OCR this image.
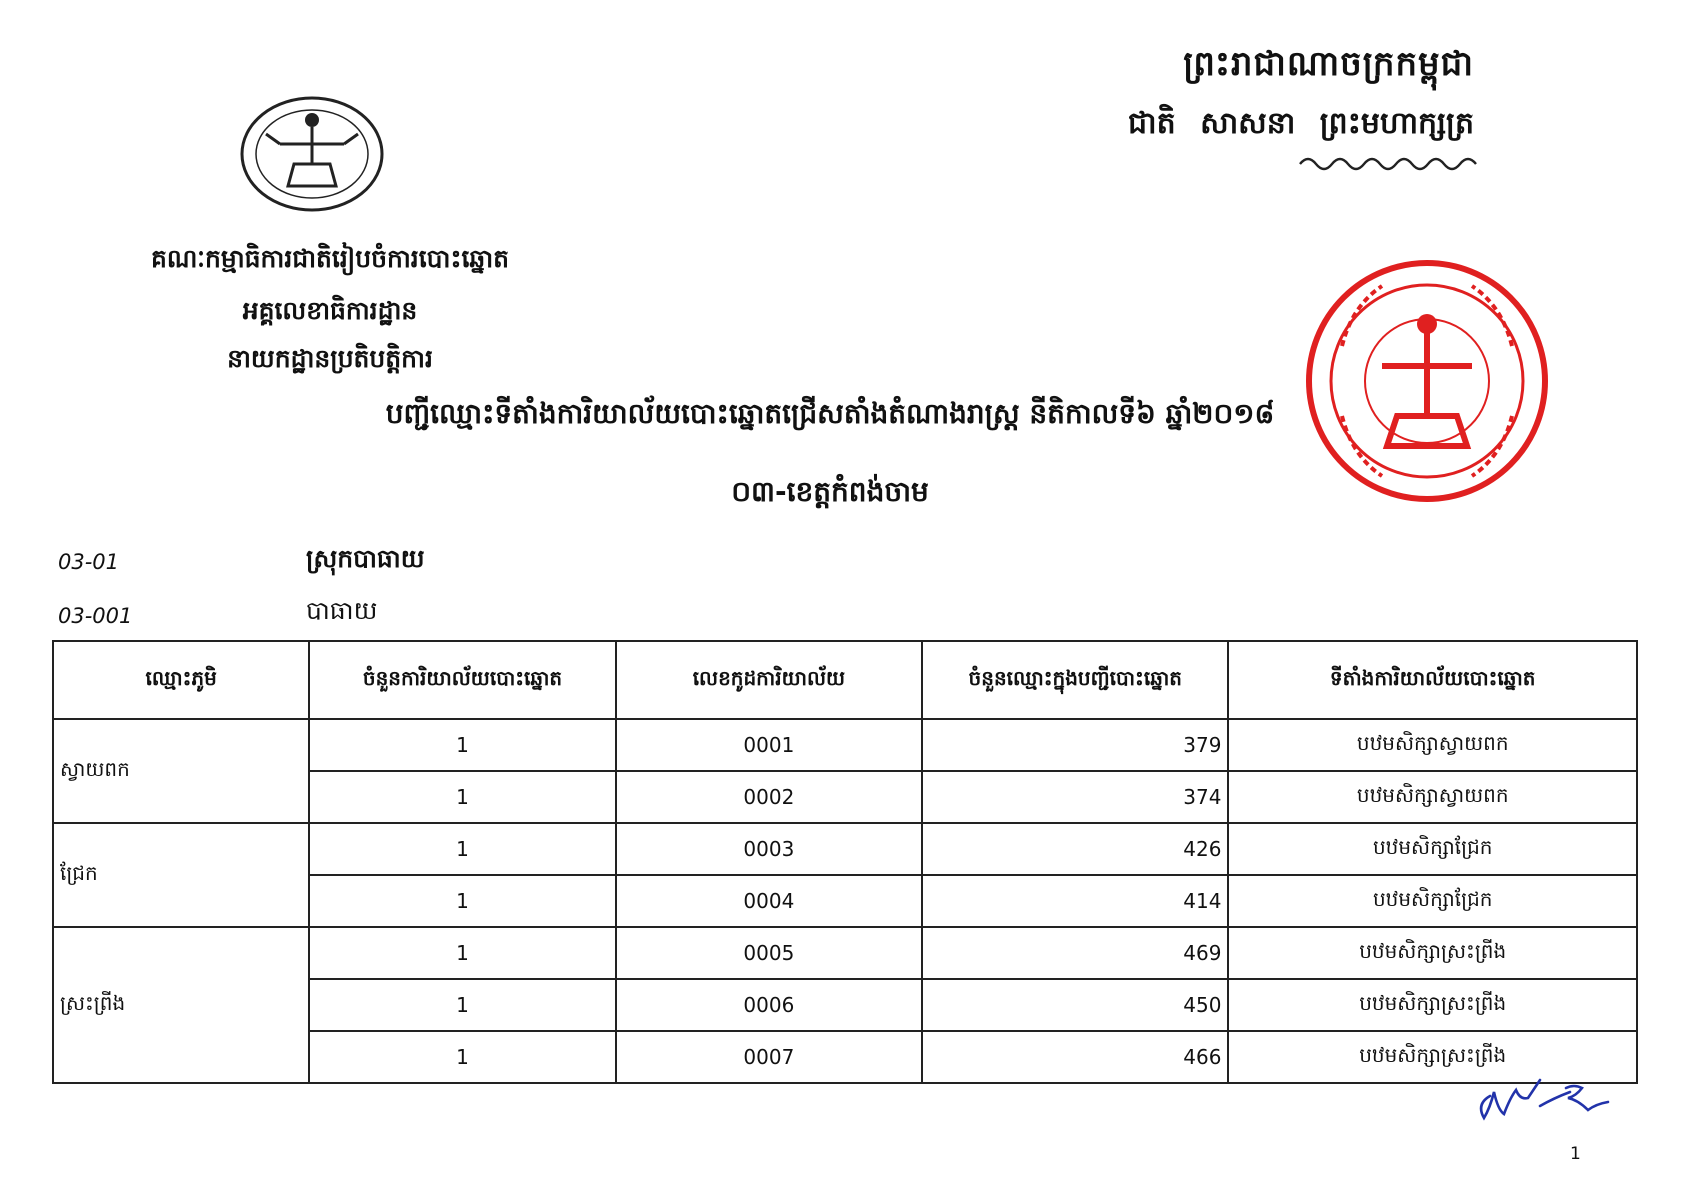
ព្រះរាជាណាចក្រកម្ពុជា
ជាតិ សាសនា ព្រះមហាក្សត្រ
គណៈកម្មាធិការជាតិរៀបចំការបោះឆ្នោត
អគ្គលេខាធិការដ្ឋាន
នាយកដ្ឋានប្រតិបត្តិការ
បញ្ជីឈ្មោះទីតាំងការិយាល័យបោះឆ្នោតជ្រើសតាំងតំណាងរាស្ត្រ នីតិកាលទី៦ ឆ្នាំ២០១៨
០៣-ខេត្តកំពង់ចាម
03-01	ស្រុកបាធាយ
03-001	បាធាយ
ឈ្មោះភូមិ	ចំនួនការិយាល័យបោះឆ្នោត	លេខកូដការិយាល័យ	ចំនួនឈ្មោះក្នុងបញ្ជីបោះឆ្នោត	ទីតាំងការិយាល័យបោះឆ្នោត
ស្វាយពក	1	0001	379	បឋមសិក្សាស្វាយពក
	1	0002	374	បឋមសិក្សាស្វាយពក
ជ្រែក	1	0003	426	បឋមសិក្សាជ្រែក
	1	0004	414	បឋមសិក្សាជ្រែក
ស្រះព្រីង	1	0005	469	បឋមសិក្សាស្រះព្រីង
	1	0006	450	បឋមសិក្សាស្រះព្រីង
	1	0007	466	បឋមសិក្សាស្រះព្រីង
1
